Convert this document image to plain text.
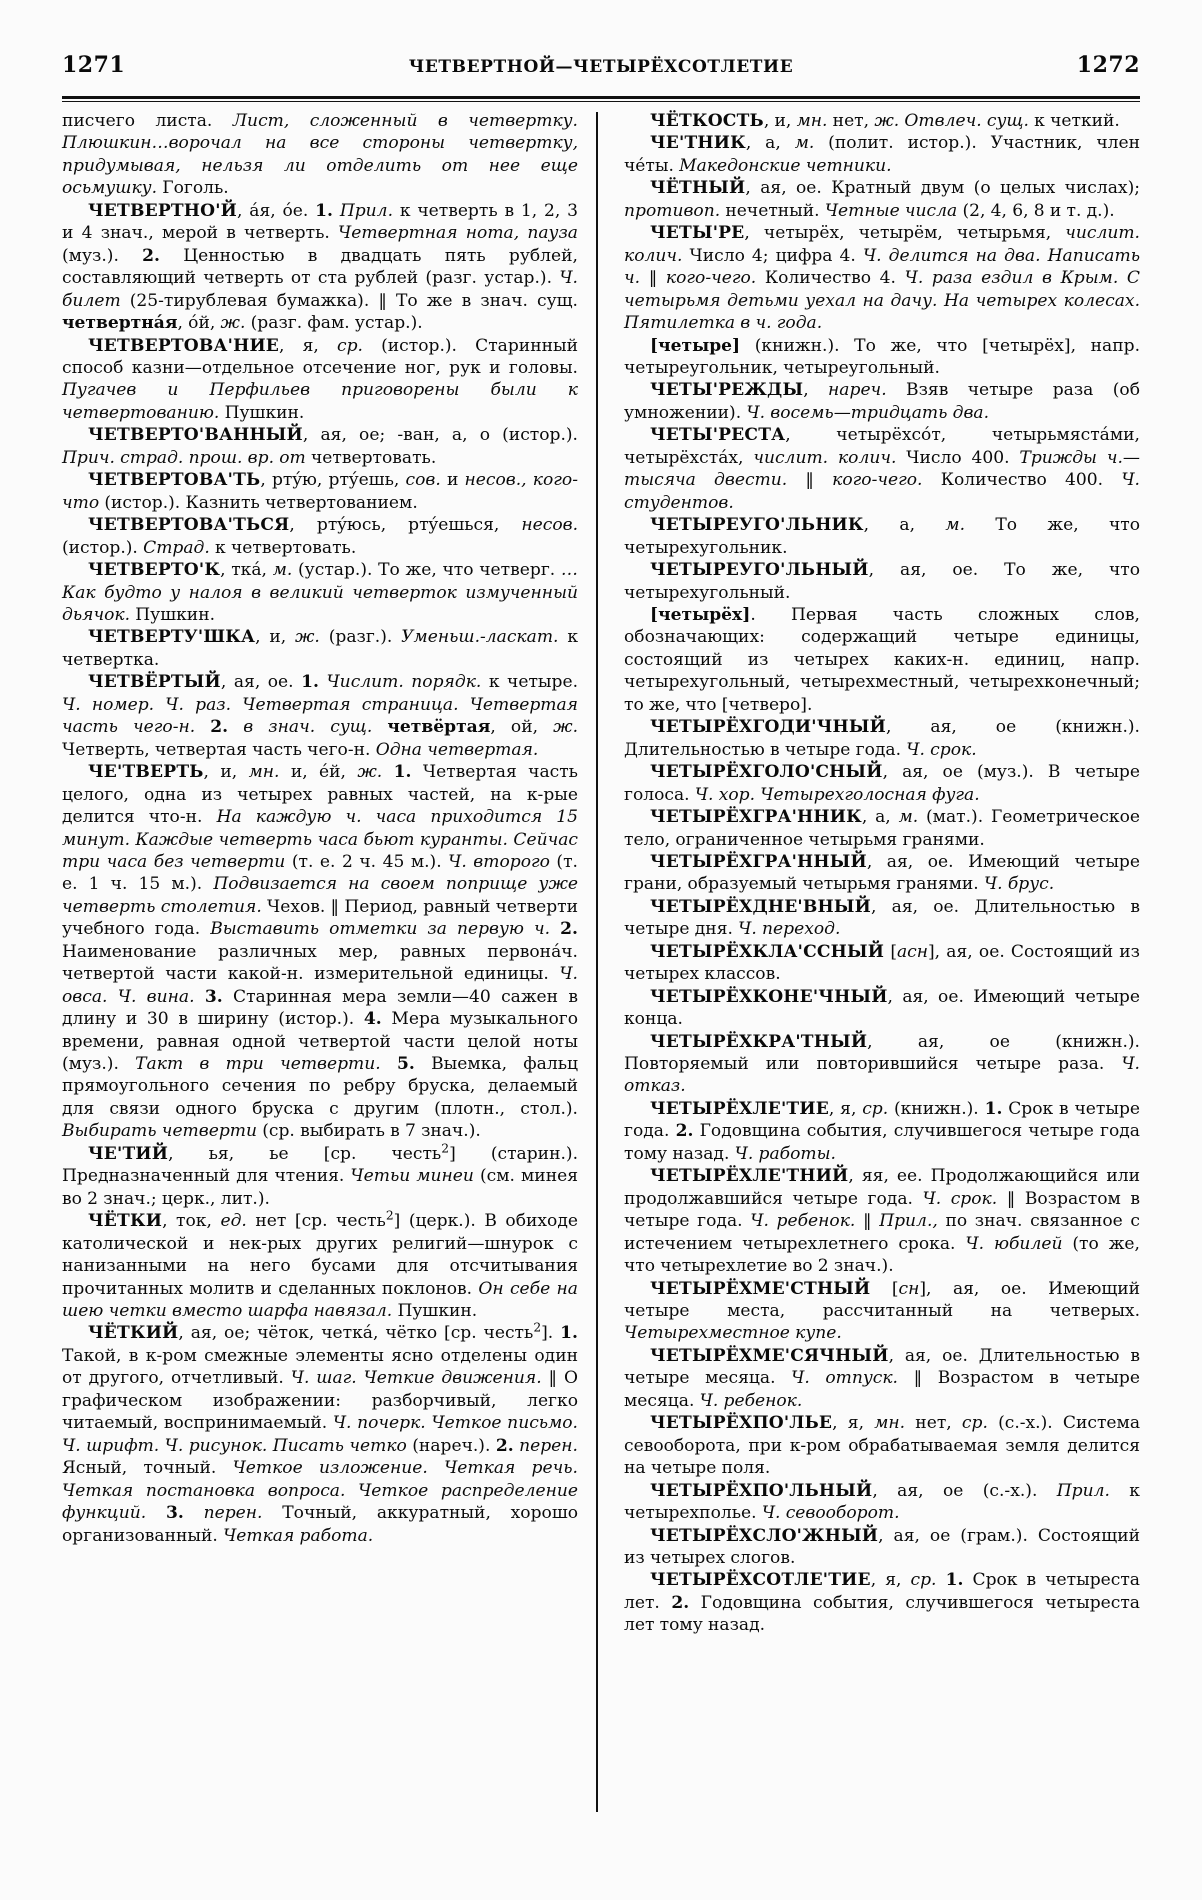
1271	ЧЕТВЕРТНОЙ—ЧЕТЫРЁХСОТЛЕТИЕ	1272

писчего листа. Лист, сложенный в четвертку. Плюшкин…ворочал на все стороны четвертку, придумывая, нельзя ли отделить от нее еще осьмушку. Гоголь.

ЧЕТВЕРТНО'Й, áя, óе. 1. Прил. к четверть в 1, 2, 3 и 4 знач., мерой в четверть. Четвертная нота, пауза (муз.). 2. Ценностью в двадцать пять рублей, составляющий четверть от ста рублей (разг. устар.). Ч. билет (25-тирублевая бумажка). ‖ То же в знач. сущ. четвертнáя, óй, ж. (разг. фам. устар.).

ЧЕТВЕРТОВА'НИЕ, я, ср. (истор.). Старинный способ казни—отдельное отсечение ног, рук и головы. Пугачев и Перфильев приговорены были к четвертованию. Пушкин.

ЧЕТВЕРТО'ВАННЫЙ, ая, ое; -ван, а, о (истор.). Прич. страд. прош. вр. от четвертовать.

ЧЕТВЕРТОВА'ТЬ, ртýю, ртýешь, сов. и несов., кого-что (истор.). Казнить четвертованием.

ЧЕТВЕРТОВА'ТЬСЯ, ртýюсь, ртýешься, несов. (истор.). Страд. к четвертовать.

ЧЕТВЕРТО'К, ткá, м. (устар.). То же, что четверг. …Как будто у налоя в великий четверток измученный дьячок. Пушкин.

ЧЕТВЕРТУ'ШКА, и, ж. (разг.). Уменьш.-ласкат. к четвертка.

ЧЕТВЁРТЫЙ, ая, ое. 1. Числит. порядк. к четыре. Ч. номер. Ч. раз. Четвертая страница. Четвертая часть чего-н. 2. в знач. сущ. четвёртая, ой, ж. Четверть, четвертая часть чего-н. Одна четвертая.

ЧЕ'ТВЕРТЬ, и, мн. и, éй, ж. 1. Четвертая часть целого, одна из четырех равных частей, на к-рые делится что-н. На каждую ч. часа приходится 15 минут. Каждые четверть часа бьют куранты. Сейчас три часа без четверти (т. е. 2 ч. 45 м.). Ч. второго (т. е. 1 ч. 15 м.). Подвизается на своем поприще уже четверть столетия. Чехов. ‖ Период, равный четверти учебного года. Выставить отметки за первую ч. 2. Наименование различных мер, равных первонáч. четвертой части какой-н. измерительной единицы. Ч. овса. Ч. вина. 3. Старинная мера земли—40 сажен в длину и 30 в ширину (истор.). 4. Мера музыкального времени, равная одной четвертой части целой ноты (муз.). Такт в три четверти. 5. Выемка, фальц прямоугольного сечения по ребру бруска, делаемый для связи одного бруска с другим (плотн., стол.). Выбирать четверти (ср. выбирать в 7 знач.).

ЧЕ'ТИЙ, ья, ье [ср. честь$^2$] (старин.). Предназначенный для чтения. Четьи минеи (см. минея во 2 знач.; церк., лит.).

ЧЁТКИ, ток, ед. нет [ср. честь$^2$] (церк.). В обиходе католической и нек-рых других религий—шнурок с нанизанными на него бусами для отсчитывания прочитанных молитв и сделанных поклонов. Он себе на шею четки вместо шарфа навязал. Пушкин.

ЧЁТКИЙ, ая, ое; чёток, четкá, чётко [ср. честь$^2$]. 1. Такой, в к-ром смежные элементы ясно отделены один от другого, отчетливый. Ч. шаг. Четкие движения. ‖ О графическом изображении: разборчивый, легко читаемый, воспринимаемый. Ч. почерк. Четкое письмо. Ч. шрифт. Ч. рисунок. Писать четко (нареч.). 2. перен. Ясный, точный. Четкое изложение. Четкая речь. Четкая постановка вопроса. Четкое распределение функций. 3. перен. Точный, аккуратный, хорошо организованный. Четкая работа.

ЧЁТКОСТЬ, и, мн. нет, ж. Отвлеч. сущ. к четкий.

ЧЕ'ТНИК, а, м. (полит. истор.). Участник, член чéты. Македонские четники.

ЧЁТНЫЙ, ая, ое. Кратный двум (о целых числах); противоп. нечетный. Четные числа (2, 4, 6, 8 и т. д.).

ЧЕТЫ'РЕ, четырёх, четырём, четырьмя, числит. колич. Число 4; цифра 4. Ч. делится на два. Написать ч. ‖ кого-чего. Количество 4. Ч. раза ездил в Крым. С четырьмя детьми уехал на дачу. На четырех колесах. Пятилетка в ч. года.

[четыре] (книжн.). То же, что [четырёх], напр. четыреугольник, четыреугольный.

ЧЕТЫ'РЕЖДЫ, нареч. Взяв четыре раза (об умножении). Ч. восемь—тридцать два.

ЧЕТЫ'РЕСТА, четырёхсóт, четырьмястáми, четырёхстáх, числит. колич. Число 400. Трижды ч.—тысяча двести. ‖ кого-чего. Количество 400. Ч. студентов.

ЧЕТЫРЕУГО'ЛЬНИК, а, м. То же, что четырехугольник.

ЧЕТЫРЕУГО'ЛЬНЫЙ, ая, ое. То же, что четырехугольный.

[четырёх]. Первая часть сложных слов, обозначающих: содержащий четыре единицы, состоящий из четырех каких-н. единиц, напр. четырехугольный, четырехместный, четырехконечный; то же, что [четверо].

ЧЕТЫРЁХГОДИ'ЧНЫЙ, ая, ое (книжн.). Длительностью в четыре года. Ч. срок.

ЧЕТЫРЁХГОЛО'СНЫЙ, ая, ое (муз.). В четыре голоса. Ч. хор. Четырехголосная фуга.

ЧЕТЫРЁХГРА'ННИК, а, м. (мат.). Геометрическое тело, ограниченное четырьмя гранями.

ЧЕТЫРЁХГРА'ННЫЙ, ая, ое. Имеющий четыре грани, образуемый четырьмя гранями. Ч. брус.

ЧЕТЫРЁХДНЕ'ВНЫЙ, ая, ое. Длительностью в четыре дня. Ч. переход.

ЧЕТЫРЁХКЛА'ССНЫЙ [асн], ая, ое. Состоящий из четырех классов.

ЧЕТЫРЁХКОНЕ'ЧНЫЙ, ая, ое. Имеющий четыре конца.

ЧЕТЫРЁХКРА'ТНЫЙ, ая, ое (книжн.). Повторяемый или повторившийся четыре раза. Ч. отказ.

ЧЕТЫРЁХЛЕ'ТИЕ, я, ср. (книжн.). 1. Срок в четыре года. 2. Годовщина события, случившегося четыре года тому назад. Ч. работы.

ЧЕТЫРЁХЛЕ'ТНИЙ, яя, ее. Продолжающийся или продолжавшийся четыре года. Ч. срок. ‖ Возрастом в четыре года. Ч. ребенок. ‖ Прил., по знач. связанное с истечением четырехлетнего срока. Ч. юбилей (то же, что четырехлетие во 2 знач.).

ЧЕТЫРЁХМЕ'СТНЫЙ [сн], ая, ое. Имеющий четыре места, рассчитанный на четверых. Четырехместное купе.

ЧЕТЫРЁХМЕ'СЯЧНЫЙ, ая, ое. Длительностью в четыре месяца. Ч. отпуск. ‖ Возрастом в четыре месяца. Ч. ребенок.

ЧЕТЫРЁХПО'ЛЬЕ, я, мн. нет, ср. (с.-х.). Система севооборота, при к-ром обрабатываемая земля делится на четыре поля.

ЧЕТЫРЁХПО'ЛЬНЫЙ, ая, ое (с.-х.). Прил. к четырехполье. Ч. севооборот.

ЧЕТЫРЁХСЛО'ЖНЫЙ, ая, ое (грам.). Состоящий из четырех слогов.

ЧЕТЫРЁХСОТЛЕ'ТИЕ, я, ср. 1. Срок в четыреста лет. 2. Годовщина события, случившегося четыреста лет тому назад.
